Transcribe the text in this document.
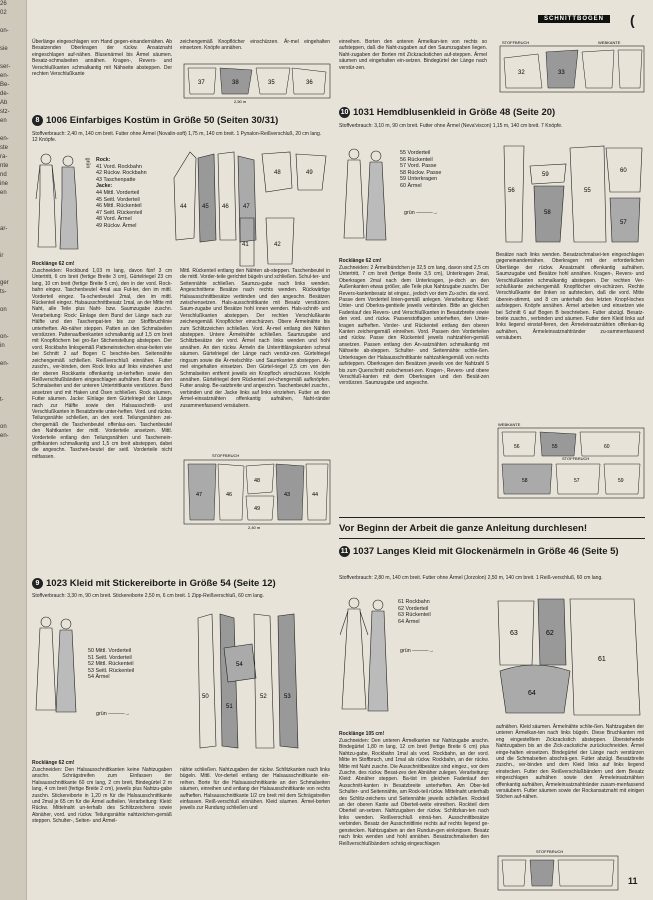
26
02

on-

sie

ser-
en-
Be-
de-
Ab
stz-
en

en-
ste
ra-
nte
nd
ine
en

ar-

ir

ger
ts-

on

on-
in

en-

t-

on
en-

SCHNITTBOGEN	(

Überlänge eingeschlagen von Hand gegen-einandernähen. Ab Besatzenden Oberkragen der rückw. Ansatznaht eingeschlagen auf-nähen. Blusenärmel bis Ärmel säumen. Besatz-schmalseiten annähen. Kragen-, Revers- und Verschlußkanten schmalkantig mit Nähseite absteppen. Der rechten Verschlußkante

zeichengemäß Knopflöcher einschürzen. Är-mel eingehalten einsetzen. Knöpfe annähen.

37	38	35	36
2,50 m
STOFFBRUCH	WEBKANTE
32	33
8 1006 Einfarbiges Kostüm in Größe 50 (Seiten 30/31)
Stoffverbrauch: 2,40 m, 140 cm breit. Futter ohne Ärmel (Novalin-soft) 1,75 m, 140 cm breit. 1 Pynalon-Reißverschluß, 20 cm lang. 12 Knöpfe.
grün Rock:
41 Vord. Rockbahn
42 Rückw. Rockbahn
43 Taschenpatte
Jacke:
44 Mittl. Vorderteil
45 Seitl. Vorderteil
46 Mittl. Rückenteil
47 Seitl. Rückenteil
48 Vord. Ärmel
49 Rückw. Ärmel
44	45 46 47
48	49
41	42
Rocklänge 62 cm!

Zuschneiden: Rockbund 1,03 m lang, davon fünf 3 cm Untertritt, 6 cm breit (fertige Breite 3 cm), Gürtelriegel 23 cm lang, 10 cm breit (fertige Breite 5 cm), den in der vord. Rock-bahn eingez. Taschenbeutel 4mal aus Fut-ter, den im mittl. Vorderteil eingez. Ta-schenbeutel 2mal, den im mittl. Rückenteil eingez. Halsausschnittbesatz 1mal, an der Mitte mit Naht, alle Teile plus Naht- bzw. Saumzugabe zuschn. Verarbeitung: Rock: Einlage dem Bund der Länge nach zur Hälfte und den Taschenpat-ten bis zur Stoffbruchlinie unterheften. Ab-näher steppen. Patten an den Schmalseiten verstürzen. Pattenaufbenkanten schmalkantig auf 1,5 cm breit mit Knopflöchern bei gro-ßer Stichenstellung absteppen. Der vord. Rockbahn linksgemäß Patteneinstechen einar-beiten wie bei Schnitt 2 auf Bogen C beschrie-ben. Seitennähte zeichengemäß schließen. Reißverschluß einnähen. Futter zuschn., ver-binden, dem Rock links auf links einziehen und der oberen Rockkante offenkantig un-terheften sowie den Reißverschlußbändern eingeschlagen aufnähen. Bund an den Schmalseiten und der unteren Untertrittkante verstürzen. Bund ansetzen und mit Haken und Ösen schließen. Rock säumen, Futter säumen. Jacke: Einlage dem Gürtelriegel der Länge nach zur Hälfte sowie den Halsausschnitt- und Verschlußkanten in Besatzbreite unter-heften. Vord. und rückw. Teilungsnähte schließen, an den vord. Teilungsnähten zei-chengemäß die Taschenbeutel offenlas-sen. Taschenbeutel den Nahtkanten der mittl. Vorderteile ansetzen. Mittl. Vorderteile entlang den Teilungsnähten und Taschenein-griffskanten schmalkantig und 1,5 cm breit absteppen, dabei die angeschn. Taschen-beutel der seitl. Vorderteile nicht mitfassen.

Mittl. Rückenteil entlang den Nähten ab-steppen. Taschenbeutel in die mittl. Vorder-teile gerichtet bügeln und schließen. Schul-ter- und Seitennähte schließen. Saumzu-gabe nach links wenden. Angeschnittene Besätze nach rechts wenden. Rückwärtige Halsausschnittbesätze verbinden und den angeschn. Besätzen zwischensetzen. Hals-ausschnittkante mit Besatz verstürzen. Saum-zugabe und Besätze hohl innen wenden. Hals-schnitt- und Verschlußkanten absteppen. Der rechten Verschlußkante zeichengemäß Knopflöcher einschürzen. Obere Ärmelnähte bis zum Schlitzzeichen schließen. Vord. Är-mel entlang den Nähten absteppen. Untere Ärmelnähte schließen. Saumzugabe und Schlitzbesätze der vord. Ärmel nach links wenden und hohl annähen. An den rückw. Ärmeln die Unterrittlängskanten schmal säumen. Gürtelriegel der Länge nach verstür-zen. Gürtelriegel ringsum sowie die Är-melschlitz- und Saumkanten absteppen. Är-mel eingehalten einsetzen. Den Gürtel-riegel 2,5 cm von den Schmalseiten entfernt jeweils ein Knopfloch einschürzen. Knöpfe annähen. Gürtelriegel dem Rückenteil zei-chengemäß aufknöpfen. Futter analog. Be-satzbreite und angeschn. Taschenbeutel zuschn., verbinden und der Jacke links auf links einziehen. Futter an den Ärmel-einsatznähten offenkantig aufnähen, Naht-ränder zusammenfassend versäubern.

STOFFBRUCH
47	46
48
43	44
49
2,40 m
9 1023 Kleid mit Stickereiborte in Größe 54 (Seite 12)
Stoffverbrauch: 3,30 m, 90 cm breit. Stickereiborte 2,50 m, 6 cm breit. 1 Zipp-Reißverschluß, 60 cm lang.
50 Mittl. Vorderteil
51 Seitl. Vorderteil
52 Mittl. Rückenteil
53 Seitl. Rückenteil
54 Ärmel
grün ———→
50
51
54
52	53
Rocklänge 62 cm!

Zuschneiden: Den Halsausschnittkanten keine Nahtzugaben anschn. Schrägstreifen zum Einfassen der Halsausschnittkante 60 cm lang, 2 cm breit, Bindegürtel 2 m lang, 4 cm breit (fertige Breite 2 cm), jeweils plus Nahtzu-gabe zuschn. Stickereiborte in 1,20 m für die Halsausschnittkante und 2mal je 65 cm für die Ärmel aufteilen. Verarbeitung: Kleid: Rückw. Mittelnaht un-terhalb des Schlitzzeichens sowie Abnäher, vord. und rückw. Teilungsnähte nahtzeichen-gemäß steppen. Schulter-, Seiten- und Ärmel-

nähte schließen. Nahtzugaben der rückw. Schlitzkanten nach links bügeln. Mittl. Vor-derteil entlang der Halsausschnittkante ein-reihen. Borte für die Halsausschnittkante an den Schmalseiten säumen, einreihen und entlang der Halsausschnittkante von rechts aufheften. Halsausschnittkante 1/2 cm breit mit dem Schrägstreifen einfassen. Reiß-verschluß einnähen. Kleid säumen. Ärmel-borten jeweils zur Rundung schließen und

einreihen. Borten den unteren Ärmelkan-ten von rechts so aufsteppen, daß die Naht-zugaben auf den Saumzugaben liegen. Naht-zugaben der Borten mit Zickzackstichen auf-steppen. Ärmel säumen und eingehalten ein-setzen. Bindegürtel der Länge nach verstür-zen.

10 1031 Hemdblusenkleid in Größe 48 (Seite 20)
Stoffverbrauch: 3,10 m, 90 cm breit. Futter ohne Ärmel (Neva'viscon) 1,15 m, 140 cm breit. 7 Knöpfe.
55 Vorderteil
56 Rückenteil
57 Vord. Passe
58 Rückw. Passe
59 Unterkragen
60 Ärmel
grün ———→
56
59
58
55
60
57
Rocklänge 62 cm!

Zuschneiden: 2 Ärmelbündchen je 32,5 cm lang, davon sind 2,5 cm Untertritt, 7 cm breit (fertige Breite 3,5 cm), Unterkragen 2mal, Oberkragen 2mal nach dem Unterkragen, je-doch an den Außenkanten etwas größer, alle Teile plus Nahtzugabe zuschn. Der Revers-kantenbesatz ist eingez., jedoch vor dem Zu-schn. die vord. Passe dem Vorderteil linien-gemäß anlegen. Verarbeitung: Kleid: Unter- und Oberkra-gentteile jeweils verbinden. Bitte an gleichen Fadenlauf des Revers- und Verschlußkanten in Besatzbreite sowie den vord. und rückw. Passenstoffagen unterheften, den Unter-kragen aufheften. Vorder- und Rückenteil entlang den oberen Kanten zeichengemäß einreihen. Vord. Passen den Vorderteilen und rückw. Passe den Rückenteil jeweils nahtzahlen-gemäß ansetzen. Passen entlang den An-satznähten schmalkantig mit Nähseite ab-steppen. Schulter- und Seitennähte schlie-ßen. Unterkragen der Halsausschnittkante nahtzahlengemäß von rechts aufsteppen. Oberkragen den Besätzen jeweils von der Nahtzahl 5 bis zum Querschnitt zwischenset-zen. Kragen-, Revers- und obere Verschluß-kanten mit dem Oberkragen und den Besät-zen verstürzen. Saumzugabe und angeschn.

Besätze nach links wenden. Besatzschmalsei-ten eingeschlagen gegeneinandernähen. Oberkragen mit der erforderlichen Überlänge der rückw. Ansatznaht offenkantig aufnähen. Saumzugabe und Besätze hohl annähen. Kragen-, Revers- und Verschlußkanten schmalkantig absteppen. Der rechten Ver-schlußkante zeichengemäß Knopflöcher ein-schürzen. Rechte Verschlußkante der linken so aufstecken, daß die vord. Mitte überein-stimmt, und 8 cm unterhalb des letzten Knopf-loches aufsteppen. Knöpfe annähen. Ärmel arbeiten und einsetzen wie bei Schnitt 6 auf Bogen B beschrieben. Futter abzügl. Besatz-breite zuschn., verbinden und säumen. Futter dem Kleid links auf links liegend einstaf-fieren, den Ärmeleinsatznähten offenkan-tig aufnähen, Ärmeleinsatznahtränder zu-sammenfassend versäubern.

WEBKANTE
STOFFBRUCH
56	55	60
58	57	59
Vor Beginn der Arbeit die ganze Anleitung durchlesen!
11 1037 Langes Kleid mit Glockenärmeln in Größe 46 (Seite 5)
Stoffverbrauch: 2,80 m, 140 cm breit. Futter ohne Ärmel (Jorzolon) 2,50 m, 140 cm breit. 1 Reiß-verschluß, 60 cm lang.
61 Rockbahn
62 Vorderteil
63 Rückenteil
64 Ärmel
grün ———→
63	62
61
64
Rocklänge 105 cm!

Zuschneiden: Den unteren Ärmelkanten nur Nahtzugabe anschn. Bindegürtel 1,80 m lang, 12 cm breit (fertige Breite 6 cm) plus Nahtzu-gabe, Rockbahn 1mal als vord. Rockbahn, an der vord. Mitte im Stoffbruch, und 1mal als rückw. Rockbahn, an der rückw. Mitte mit Naht zuschn. Die Ausschnittbesätze sind eingez., vor dem Zuschn. des rückw. Besat-zes den Abnäher zulegen. Verarbeitung: Kleid: Abnäher steppen. Ba-tist im gleichen Fadenlauf den Ausschnitt-kanten in Besatzbreite unterheften. Am Ober-teil Schulter- und Seitennähte, am Rock-teil rückw. Mittelnaht unterhalb des Schlitz-zeichens und Seitennähte jeweils schließen. Rockteil an der oberen Kante auf Oberteil-weite einreihen. Rockteil dem Oberteil an-setzen. Nahtzugaben der rückw. Schlitzkan-ten nach links wenden. Reißverschluß einnä-hen. Ausschnittbesätze verbinden. Besatz der Ausschnittlinie rechts auf rechts liegend ge-genstecken. Nahtzugaben an den Rundun-gen einknipsen. Besatz nach links wenden und hohl annähen. Besatzschmalseiten den Reißverschlußbändern schräg eingeschlagen

aufnähen. Kleid säumen. Ärmelnähte schlie-ßen. Nahtzugaben der unteren Ärmelkan-ten nach links bügeln. Diese Bruchkanten mit eng eingestelltem Zickzackstich absteppen. Überstehende Nahtzugaben bis an die Zick-zackstiche zurückschneiden. Ärmel einge-halten einsetzen. Bindegürtel der Länge nach verstürzen und die Schmalseiten abschrä-gen. Futter abzügl. Besatzbreite zuschn., ver-binden und dem Kleid links auf links liegend einstecken. Futter den Reißverschlußbändern und dem Besatz eingeschlagen aufnähen sowie den Ärmeleinsatznähten offenkantig aufnähen, Ärmeleinsatznahtränder zusam-menfassend versäubern. Futter säumen sowie der Rockansatznaht mit einigen Stichen auf-nähen.

STOFFBRUCH
11
